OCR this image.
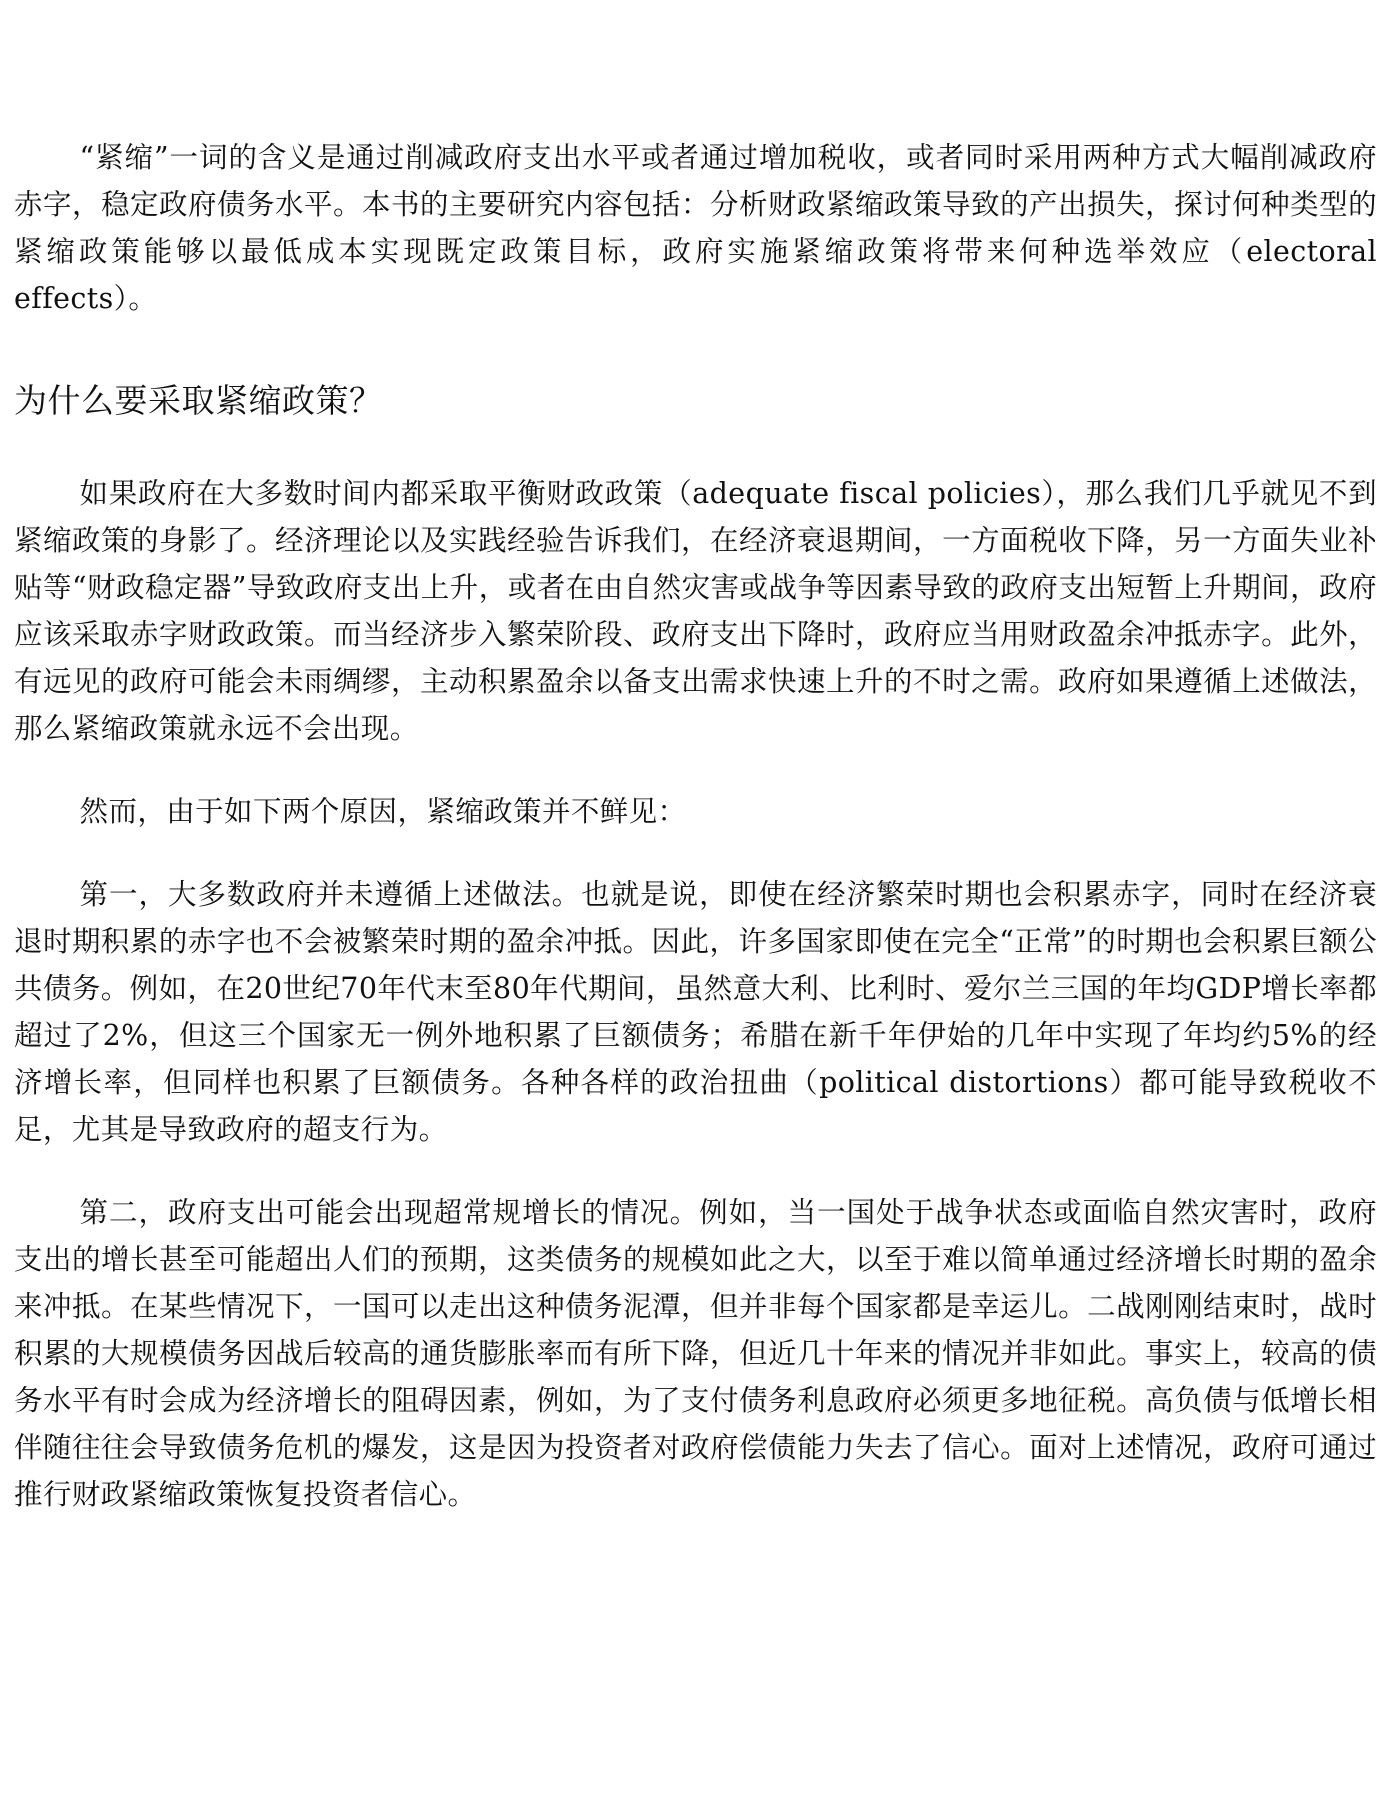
“紧缩”一词的含义是通过削减政府支出水平或者通过增加税收，或者同时采用两种方式大幅削减政府赤字，稳定政府债务水平。本书的主要研究内容包括：分析财政紧缩政策导致的产出损失，探讨何种类型的紧缩政策能够以最低成本实现既定政策目标，政府实施紧缩政策将带来何种选举效应（electoral effects）。

为什么要采取紧缩政策？

如果政府在大多数时间内都采取平衡财政政策（adequate fiscal policies），那么我们几乎就见不到紧缩政策的身影了。经济理论以及实践经验告诉我们，在经济衰退期间，一方面税收下降，另一方面失业补贴等“财政稳定器”导致政府支出上升，或者在由自然灾害或战争等因素导致的政府支出短暂上升期间，政府应该采取赤字财政政策。而当经济步入繁荣阶段、政府支出下降时，政府应当用财政盈余冲抵赤字。此外，有远见的政府可能会未雨绸缪，主动积累盈余以备支出需求快速上升的不时之需。政府如果遵循上述做法，那么紧缩政策就永远不会出现。

然而，由于如下两个原因，紧缩政策并不鲜见：

第一，大多数政府并未遵循上述做法。也就是说，即使在经济繁荣时期也会积累赤字，同时在经济衰退时期积累的赤字也不会被繁荣时期的盈余冲抵。因此，许多国家即使在完全“正常”的时期也会积累巨额公共债务。例如，在20世纪70年代末至80年代期间，虽然意大利、比利时、爱尔兰三国的年均GDP增长率都超过了2%，但这三个国家无一例外地积累了巨额债务；希腊在新千年伊始的几年中实现了年均约5%的经济增长率，但同样也积累了巨额债务。各种各样的政治扭曲（political distortions）都可能导致税收不足，尤其是导致政府的超支行为。

第二，政府支出可能会出现超常规增长的情况。例如，当一国处于战争状态或面临自然灾害时，政府支出的增长甚至可能超出人们的预期，这类债务的规模如此之大，以至于难以简单通过经济增长时期的盈余来冲抵。在某些情况下，一国可以走出这种债务泥潭，但并非每个国家都是幸运儿。二战刚刚结束时，战时积累的大规模债务因战后较高的通货膨胀率而有所下降，但近几十年来的情况并非如此。事实上，较高的债务水平有时会成为经济增长的阻碍因素，例如，为了支付债务利息政府必须更多地征税。高负债与低增长相伴随往往会导致债务危机的爆发，这是因为投资者对政府偿债能力失去了信心。面对上述情况，政府可通过推行财政紧缩政策恢复投资者信心。
